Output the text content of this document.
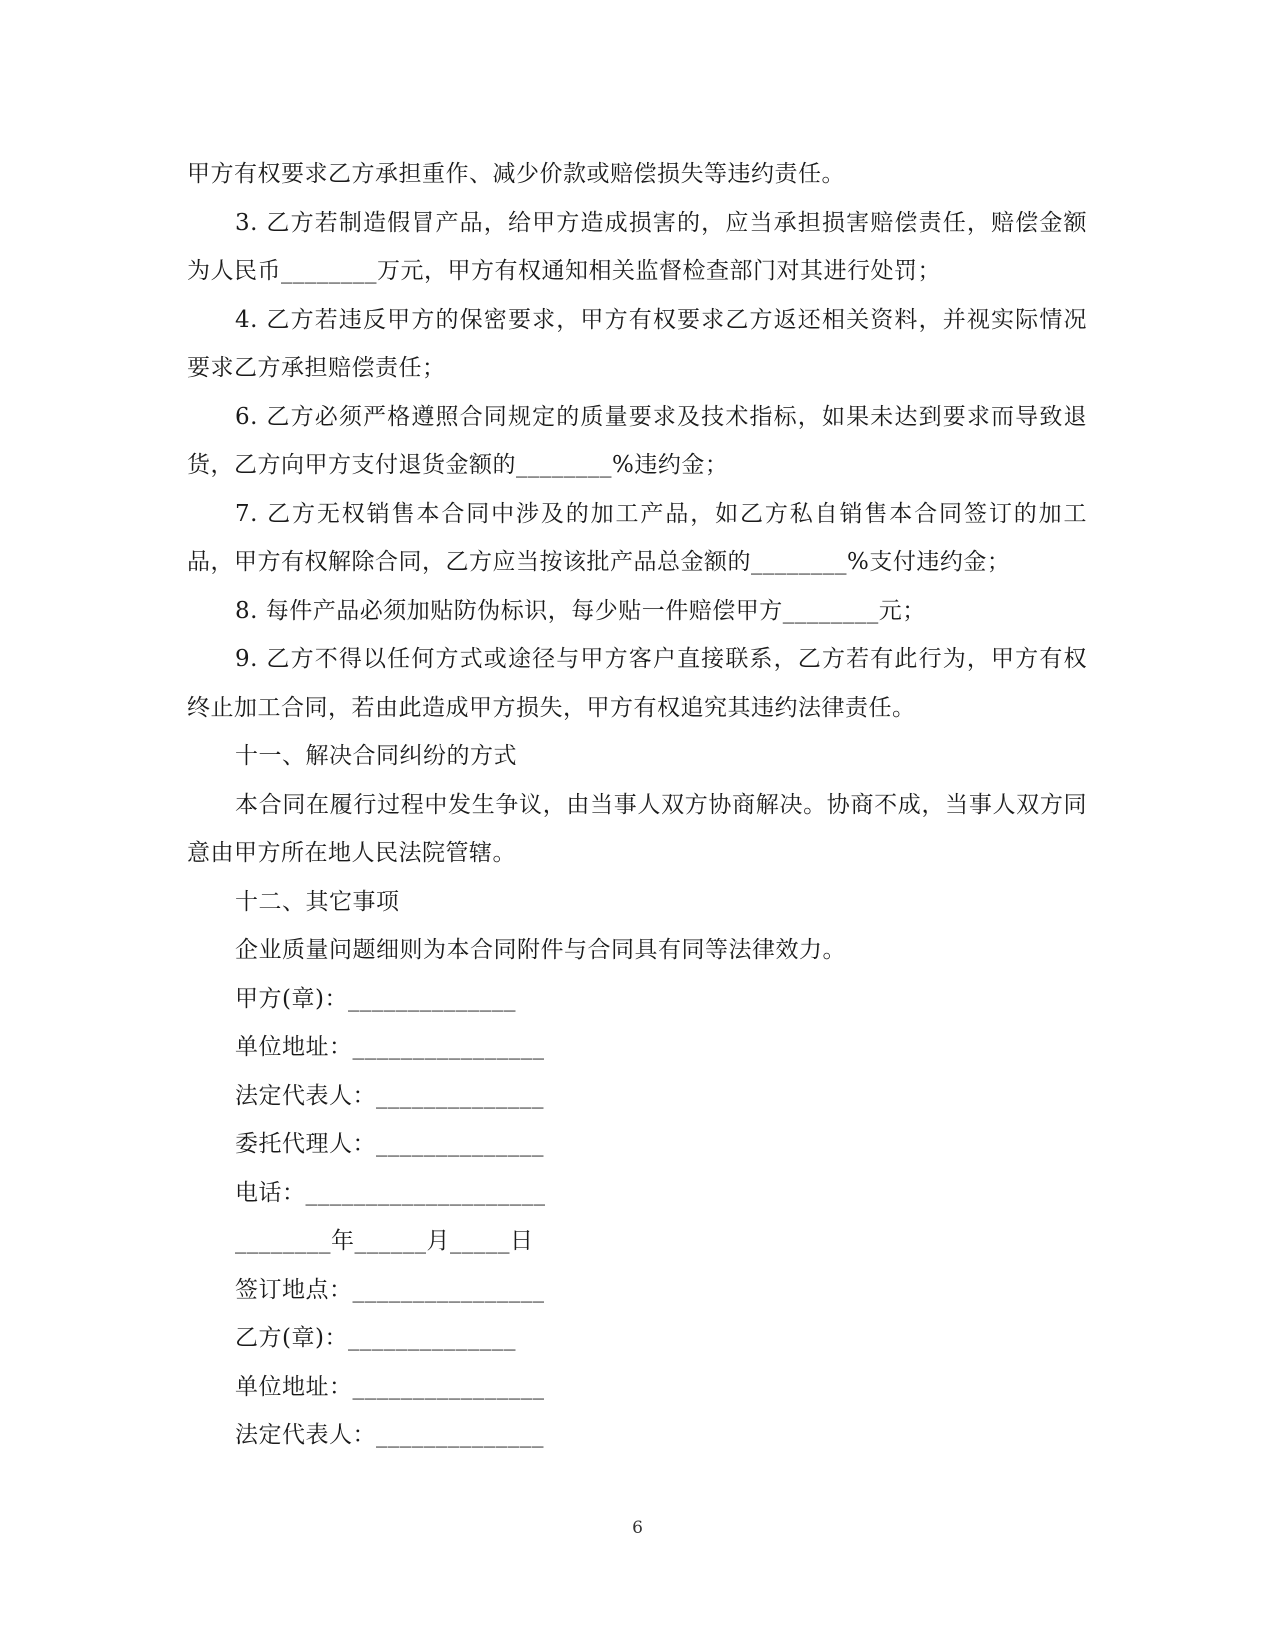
甲方有权要求乙方承担重作、减少价款或赔偿损失等违约责任。

3. 乙方若制造假冒产品，给甲方造成损害的，应当承担损害赔偿责任，赔偿金额为人民币________万元，甲方有权通知相关监督检查部门对其进行处罚；

4. 乙方若违反甲方的保密要求，甲方有权要求乙方返还相关资料，并视实际情况要求乙方承担赔偿责任；

6. 乙方必须严格遵照合同规定的质量要求及技术指标，如果未达到要求而导致退货，乙方向甲方支付退货金额的________%违约金；

7. 乙方无权销售本合同中涉及的加工产品，如乙方私自销售本合同签订的加工品，甲方有权解除合同，乙方应当按该批产品总金额的________%支付违约金；

8. 每件产品必须加贴防伪标识，每少贴一件赔偿甲方________元；

9. 乙方不得以任何方式或途径与甲方客户直接联系，乙方若有此行为，甲方有权终止加工合同，若由此造成甲方损失，甲方有权追究其违约法律责任。

十一、解决合同纠纷的方式

本合同在履行过程中发生争议，由当事人双方协商解决。协商不成，当事人双方同意由甲方所在地人民法院管辖。

十二、其它事项

企业质量问题细则为本合同附件与合同具有同等法律效力。

甲方(章)：______________

单位地址：________________

法定代表人：______________

委托代理人：______________

电话：____________________

________年______月_____日

签订地点：________________

乙方(章)：______________

单位地址：________________

法定代表人：______________

6
